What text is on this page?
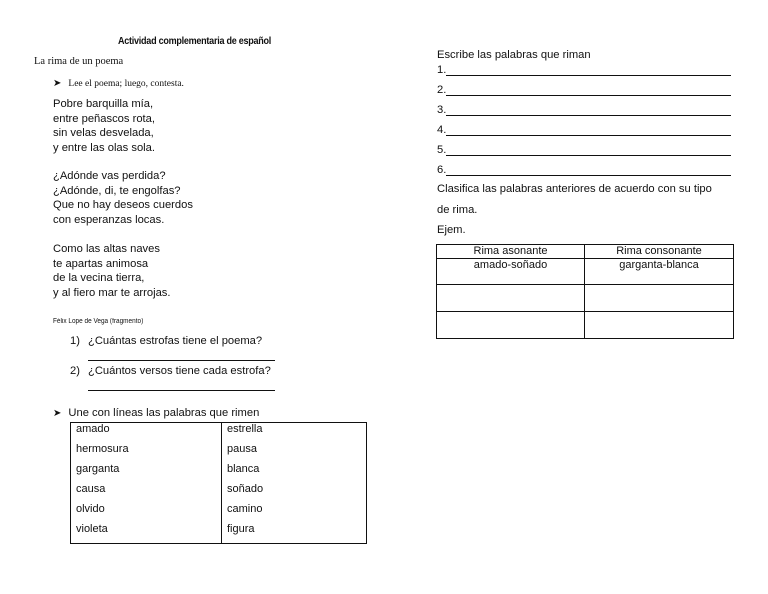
Actividad complementaria de español
La rima de un poema
➤ Lee el poema; luego, contesta.
Pobre barquilla mía,
entre peñascos rota,
sin velas desvelada,
y entre las olas sola.
¿Adónde vas perdida?
¿Adónde, di, te engolfas?
Que no hay deseos cuerdos
con esperanzas locas.
Como las altas naves
te apartas animosa
de la vecina tierra,
y al fiero mar te arrojas.
Félix Lope de Vega (fragmento)
1) ¿Cuántas estrofas tiene el poema?
2) ¿Cuántos versos tiene cada estrofa?
➤ Une con líneas las palabras que rimen
amado	estrella
hermosura	pausa
garganta	blanca
causa	soñado
olvido	camino
violeta	figura
Escribe las palabras que riman
1.
2.
3.
4.
5.
6.
Clasifica las palabras anteriores de acuerdo con su tipo
de rima.
Ejem.
Rima asonante	Rima consonante
amado-soñado	garganta-blanca
